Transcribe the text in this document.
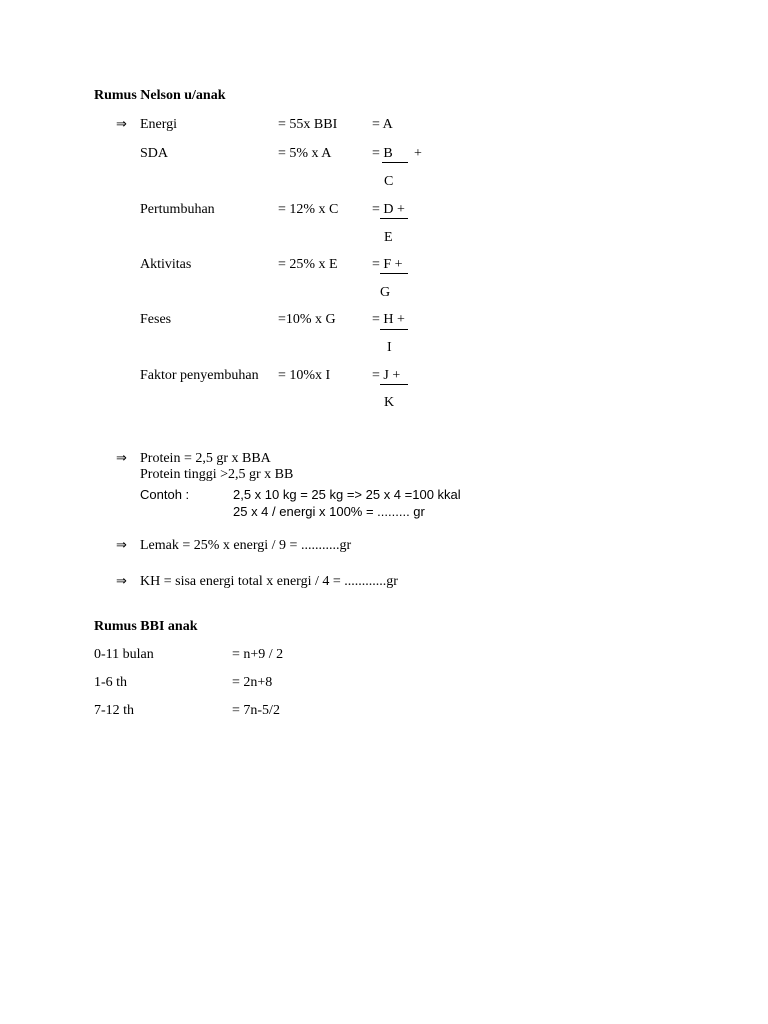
Rumus Nelson u/anak
⇒ Energi	= 55x BBI = A
SDA	= 5% x A	= B +
C
Pertumbuhan	= 12% x C = D +
E
Aktivitas	= 25% x E = F +
G
Feses	=10% x G	= H +
I
Faktor penyembuhan = 10%x I	= J +
K
⇒ Protein = 2,5 gr x BBA
Protein tinggi >2,5 gr x BB
Contoh :	2,5 x 10 kg = 25 kg => 25 x 4 =100 kkal
25 x 4 / energi x 100% = ......... gr
⇒ Lemak = 25% x energi / 9 = ...........gr
⇒ KH = sisa energi total x energi / 4 = ............gr
Rumus BBI anak
0-11 bulan	= n+9 / 2
1-6 th	= 2n+8
7-12 th	= 7n-5/2
